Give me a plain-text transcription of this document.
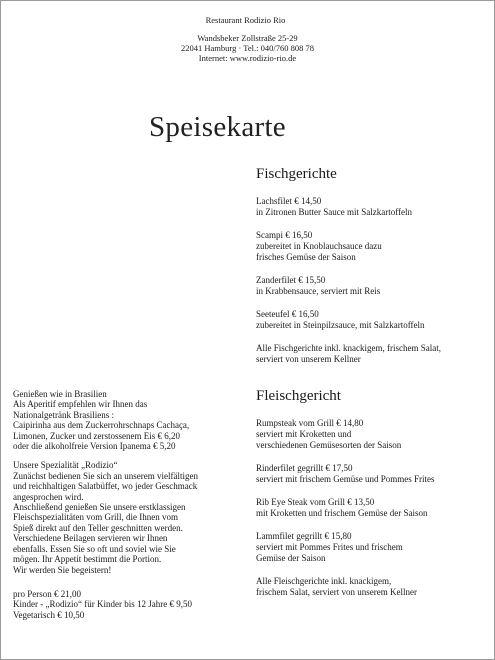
Restaurant Rodizio Rio
Wandsbeker Zollstraße 25-29
22041 Hamburg · Tel.: 040/760 808 78
Internet: www.rodizio-rio.de
Speisekarte
Fischgerichte
Lachsfilet € 14,50
in Zitronen Butter Sauce mit Salzkartoffeln
Scampi € 16,50
zubereitet in Knoblauchsauce dazu
frisches Gemüse der Saison
Zanderfilet € 15,50
in Krabbensauce, serviert mit Reis
Seeteufel € 16,50
zubereitet in Steinpilzsauce, mit Salzkartoffeln
Alle Fischgerichte inkl. knackigem, frischem Salat,
serviert von unserem Kellner
Fleischgericht
Rumpsteak vom Grill € 14,80
serviert mit Kroketten und
verschiedenen Gemüsesorten der Saison
Rinderfilet gegrillt € 17,50
serviert mit frischem Gemüse und Pommes Frites
Rib Eye Steak vom Grill € 13,50
mit Kroketten und frischem Gemüse der Saison
Lammfilet gegrillt € 15,80
serviert mit Pommes Frites und frischem
Gemüse der Saison
Alle Fleischgerichte inkl. knackigem,
frischem Salat, serviert von unserem Kellner
Genießen wie in Brasilien
Als Aperitif empfehlen wir Ihnen das
Nationalgetränk Brasiliens :
Caipirinha aus dem Zuckerrohrschnaps Cachaça,
Limonen, Zucker und zerstossenem Eis € 6,20
oder die alkoholfreie Version Ipanema € 5,20
Unsere Spezialität „Rodizio“
Zunächst bedienen Sie sich an unserem vielfältigen
und reichhaltigen Salatbüffet, wo jeder Geschmack
angesprochen wird.
Anschließend genießen Sie unsere erstklassigen
Fleischspezialitäten vom Grill, die Ihnen vom
Spieß direkt auf den Teller geschnitten werden.
Verschiedene Beilagen servieren wir Ihnen
ebenfalls. Essen Sie so oft und soviel wie Sie
mögen. Ihr Appetit bestimmt die Portion.
Wir werden Sie begeistern!
pro Person € 21,00
Kinder - „Rodizio“ für Kinder bis 12 Jahre € 9,50
Vegetarisch € 10,50
